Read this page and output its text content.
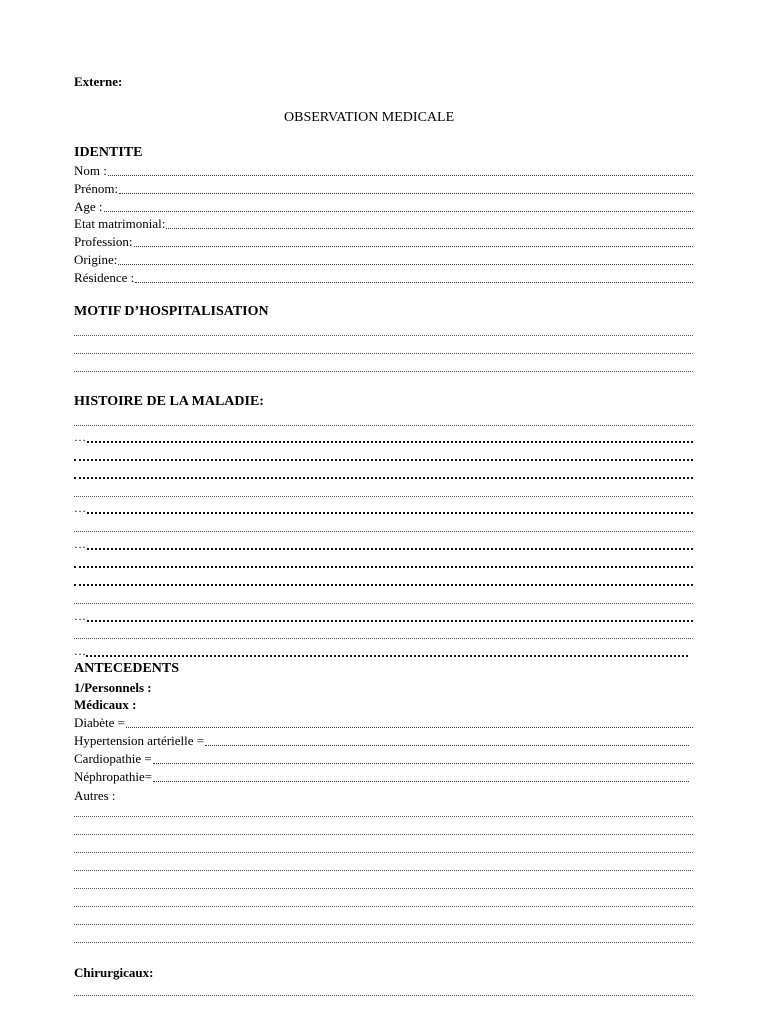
Externe:
OBSERVATION MEDICALE
IDENTITE
Nom :
Prénom:
Age :
Etat matrimonial:
Profession:
Origine:
Résidence :
MOTIF D’HOSPITALISATION
HISTOIRE DE LA MALADIE:
…
…
…
…
…
ANTECEDENTS
1/Personnels :
Médicaux :
Diabète =
Hypertension artérielle =
Cardiopathie =
Néphropathie=
Autres :
Chirurgicaux:
